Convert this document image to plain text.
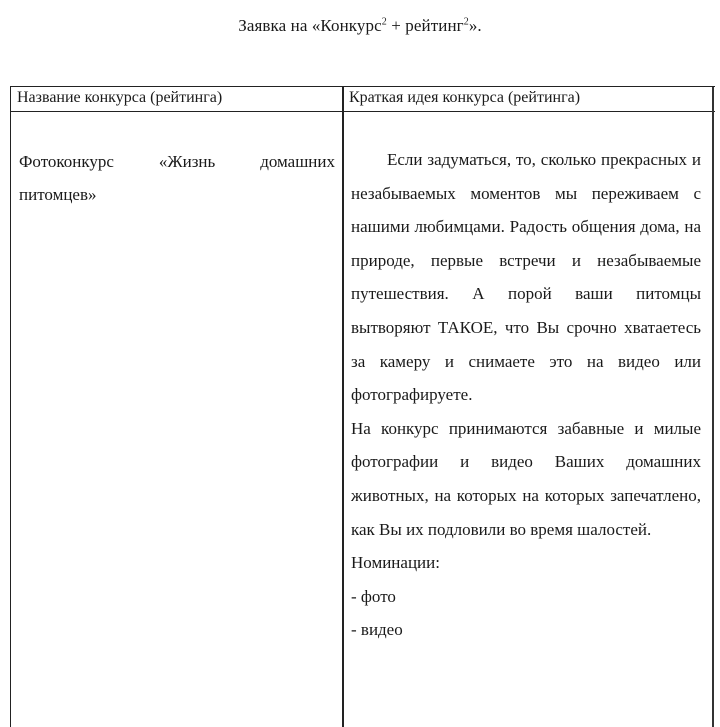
Заявка на «Конкурс$^2$ + рейтинг$^2$».
Название конкурса (рейтинга)	Краткая идея конкурса (рейтинга)
Фотоконкурс «Жизнь домашних питомцев»

Если задуматься, то, сколько прекрасных и незабываемых моментов мы переживаем с нашими любимцами. Радость общения дома, на природе, первые встречи и незабываемые путешествия. А порой ваши питомцы вытворяют ТАКОЕ, что Вы срочно хватаетесь за камеру и снимаете это на видео или фотографируете.

На конкурс принимаются забавные и милые фотографии и видео Ваших домашних животных, на которых на которых запечатлено, как Вы их подловили во время шалостей.

Номинации:

- фото

- видео
